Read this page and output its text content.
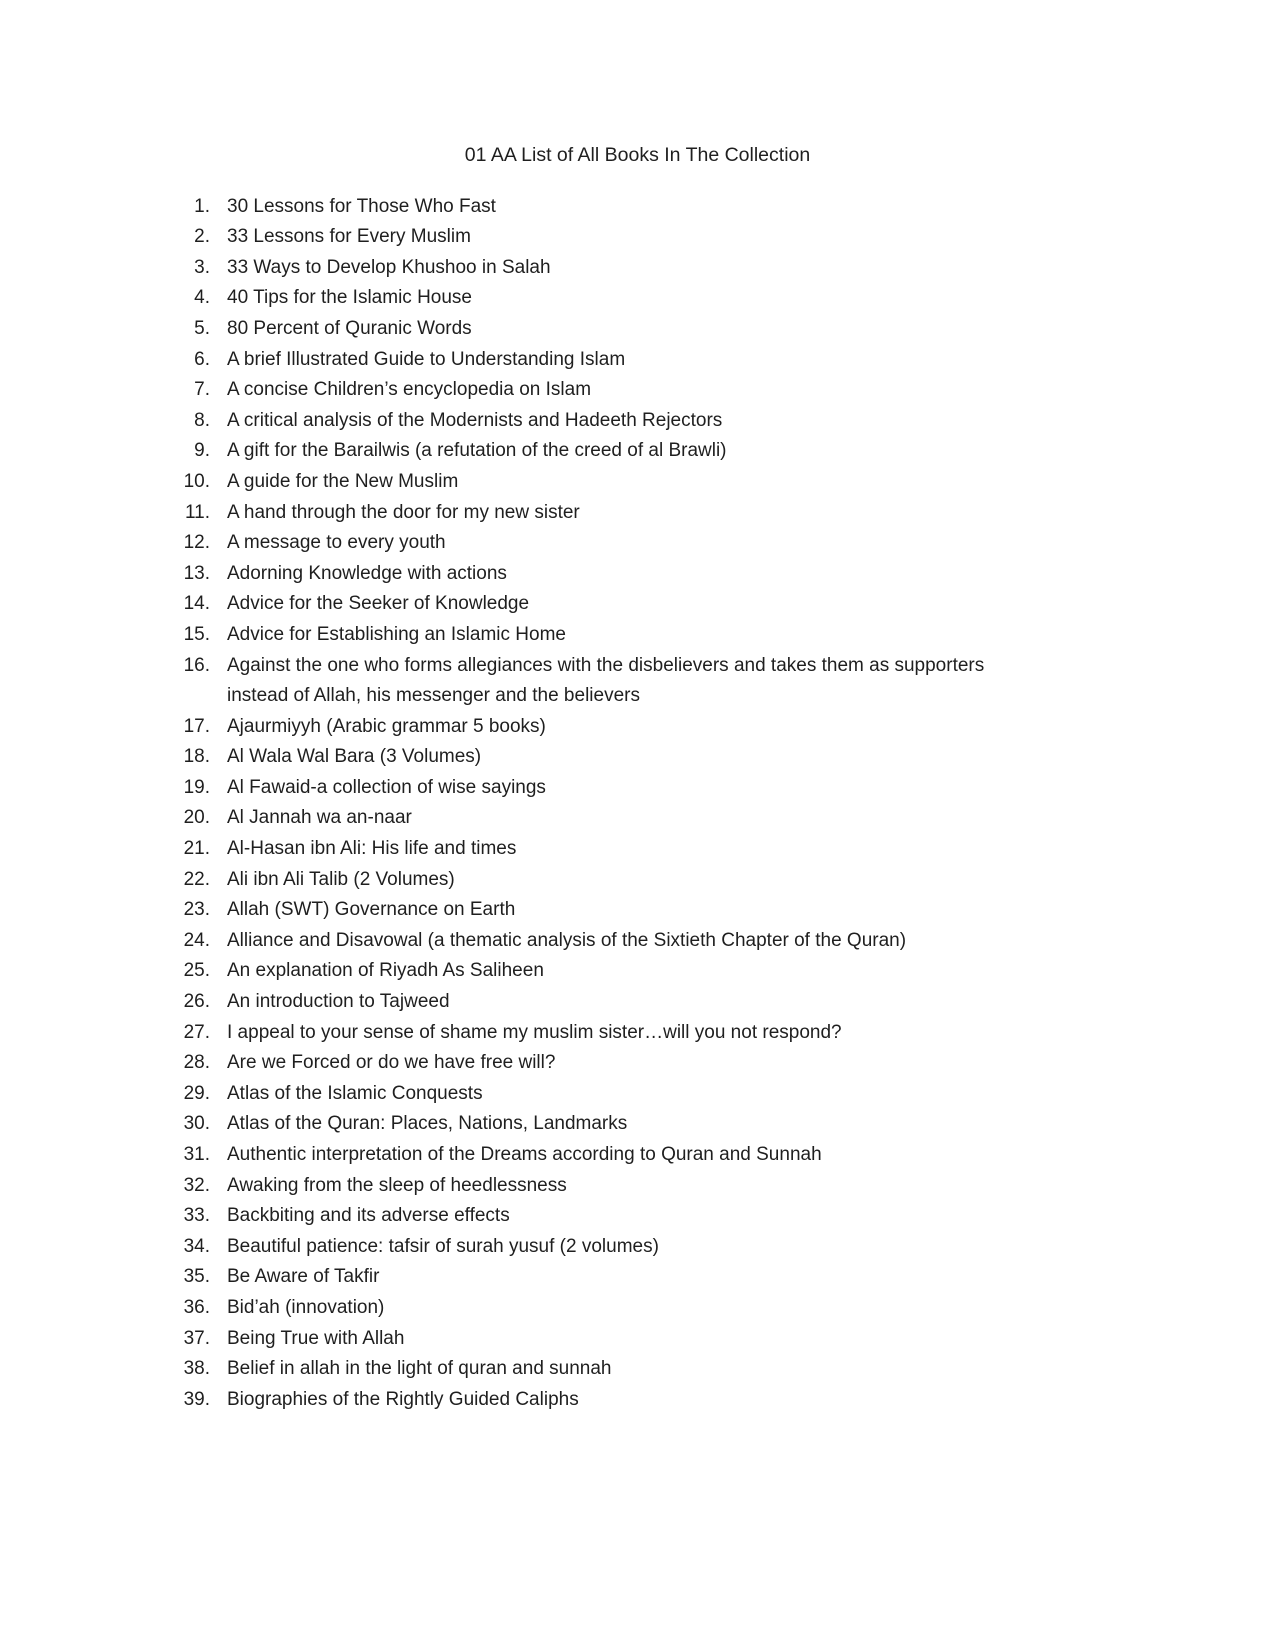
01 AA List of All Books In The Collection
1. 30 Lessons for Those Who Fast
2. 33 Lessons for Every Muslim
3. 33 Ways to Develop Khushoo in Salah
4. 40 Tips for the Islamic House
5. 80 Percent of Quranic Words
6. A brief Illustrated Guide to Understanding Islam
7. A concise Children’s encyclopedia on Islam
8. A critical analysis of the Modernists and Hadeeth Rejectors
9. A gift for the Barailwis (a refutation of the creed of al Brawli)
10. A guide for the New Muslim
11. A hand through the door for my new sister
12. A message to every youth
13. Adorning Knowledge with actions
14. Advice for the Seeker of Knowledge
15. Advice for Establishing an Islamic Home
16. Against the one who forms allegiances with the disbelievers and takes them as supporters instead of Allah, his messenger and the believers
17. Ajaurmiyyh (Arabic grammar 5 books)
18. Al Wala Wal Bara (3 Volumes)
19. Al Fawaid-a collection of wise sayings
20. Al Jannah wa an-naar
21. Al-Hasan ibn Ali: His life and times
22. Ali ibn Ali Talib (2 Volumes)
23. Allah (SWT) Governance on Earth
24. Alliance and Disavowal (a thematic analysis of the Sixtieth Chapter of the Quran)
25. An explanation of Riyadh As Saliheen
26. An introduction to Tajweed
27. I appeal to your sense of shame my muslim sister…will you not respond?
28. Are we Forced or do we have free will?
29. Atlas of the Islamic Conquests
30. Atlas of the Quran: Places, Nations, Landmarks
31. Authentic interpretation of the Dreams according to Quran and Sunnah
32. Awaking from the sleep of heedlessness
33. Backbiting and its adverse effects
34. Beautiful patience: tafsir of surah yusuf (2 volumes)
35. Be Aware of Takfir
36. Bid’ah (innovation)
37. Being True with Allah
38. Belief in allah in the light of quran and sunnah
39. Biographies of the Rightly Guided Caliphs
